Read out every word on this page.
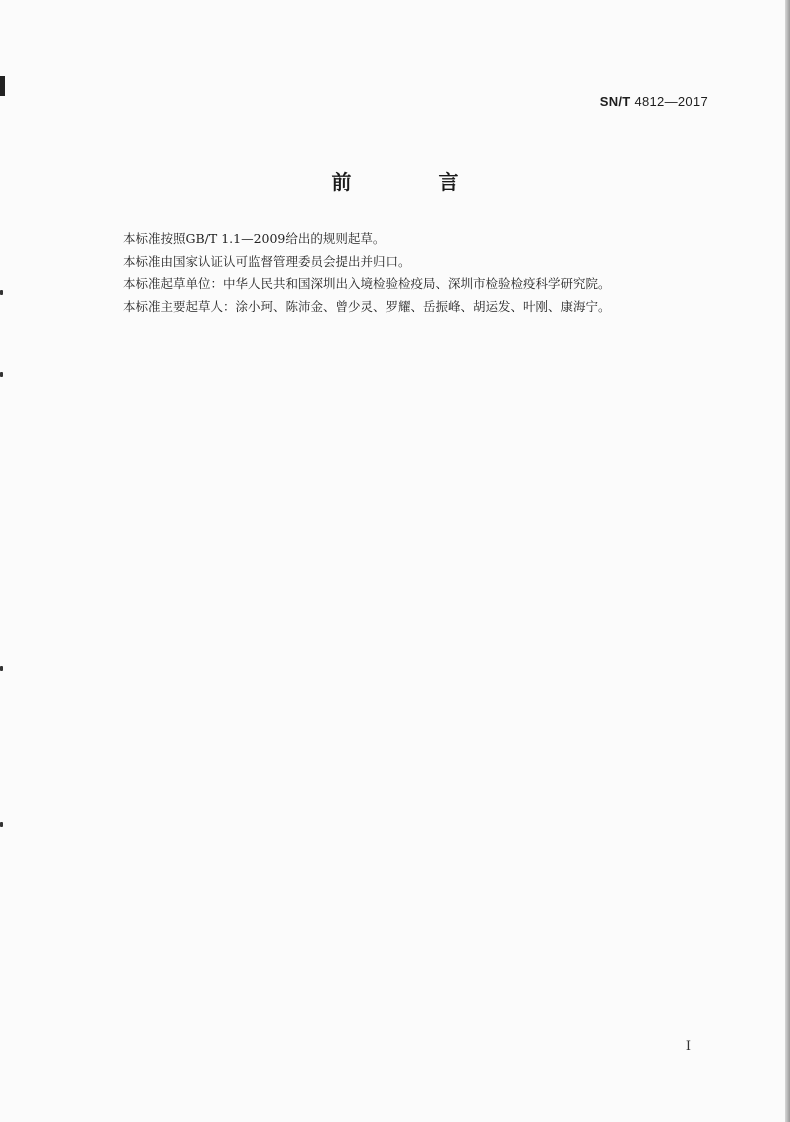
SN/T 4812—2017
前 言

本标准按照GB/T 1.1—2009给出的规则起草。

本标准由国家认证认可监督管理委员会提出并归口。

本标准起草单位：中华人民共和国深圳出入境检验检疫局、深圳市检验检疫科学研究院。

本标准主要起草人：涂小珂、陈沛金、曾少灵、罗耀、岳振峰、胡运发、叶刚、康海宁。

I
